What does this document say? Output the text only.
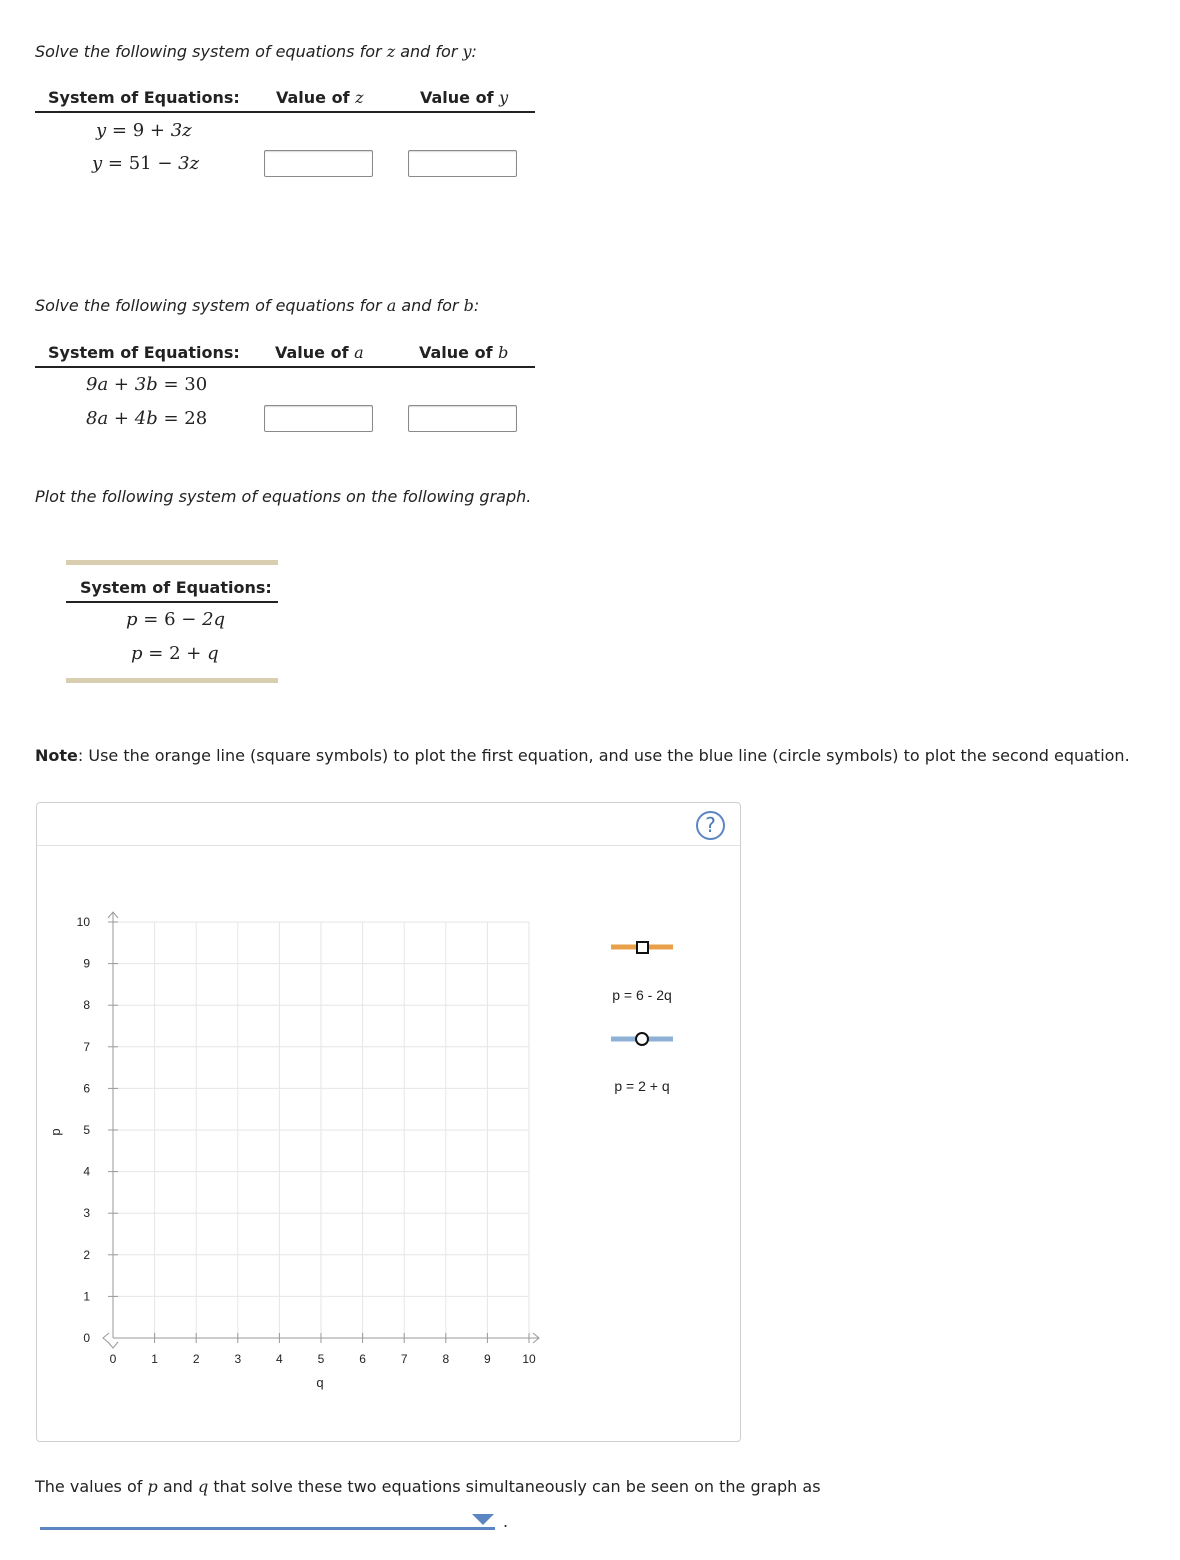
Solve the following system of equations for z and for y:
System of Equations: Value of z	Value of y
y = 9 + 3z
y = 51 − 3z
Solve the following system of equations for a and for b:
System of Equations: Value of a	Value of b
9a + 3b = 30
8a + 4b = 28
Plot the following system of equations on the following graph.
System of Equations:
p = 6 − 2q
p = 2 + q
Note: Use the orange line (square symbols) to plot the first equation, and use the blue line (circle symbols) to plot the second equation.
?
0	1	2	3	4	5	6	7	8	9	10
0
1
2
3
4
5
6
7
8
9
10
q
p
p = 6 - 2q
p = 2 + q
The values of p and q that solve these two equations simultaneously can be seen on the graph as
.
